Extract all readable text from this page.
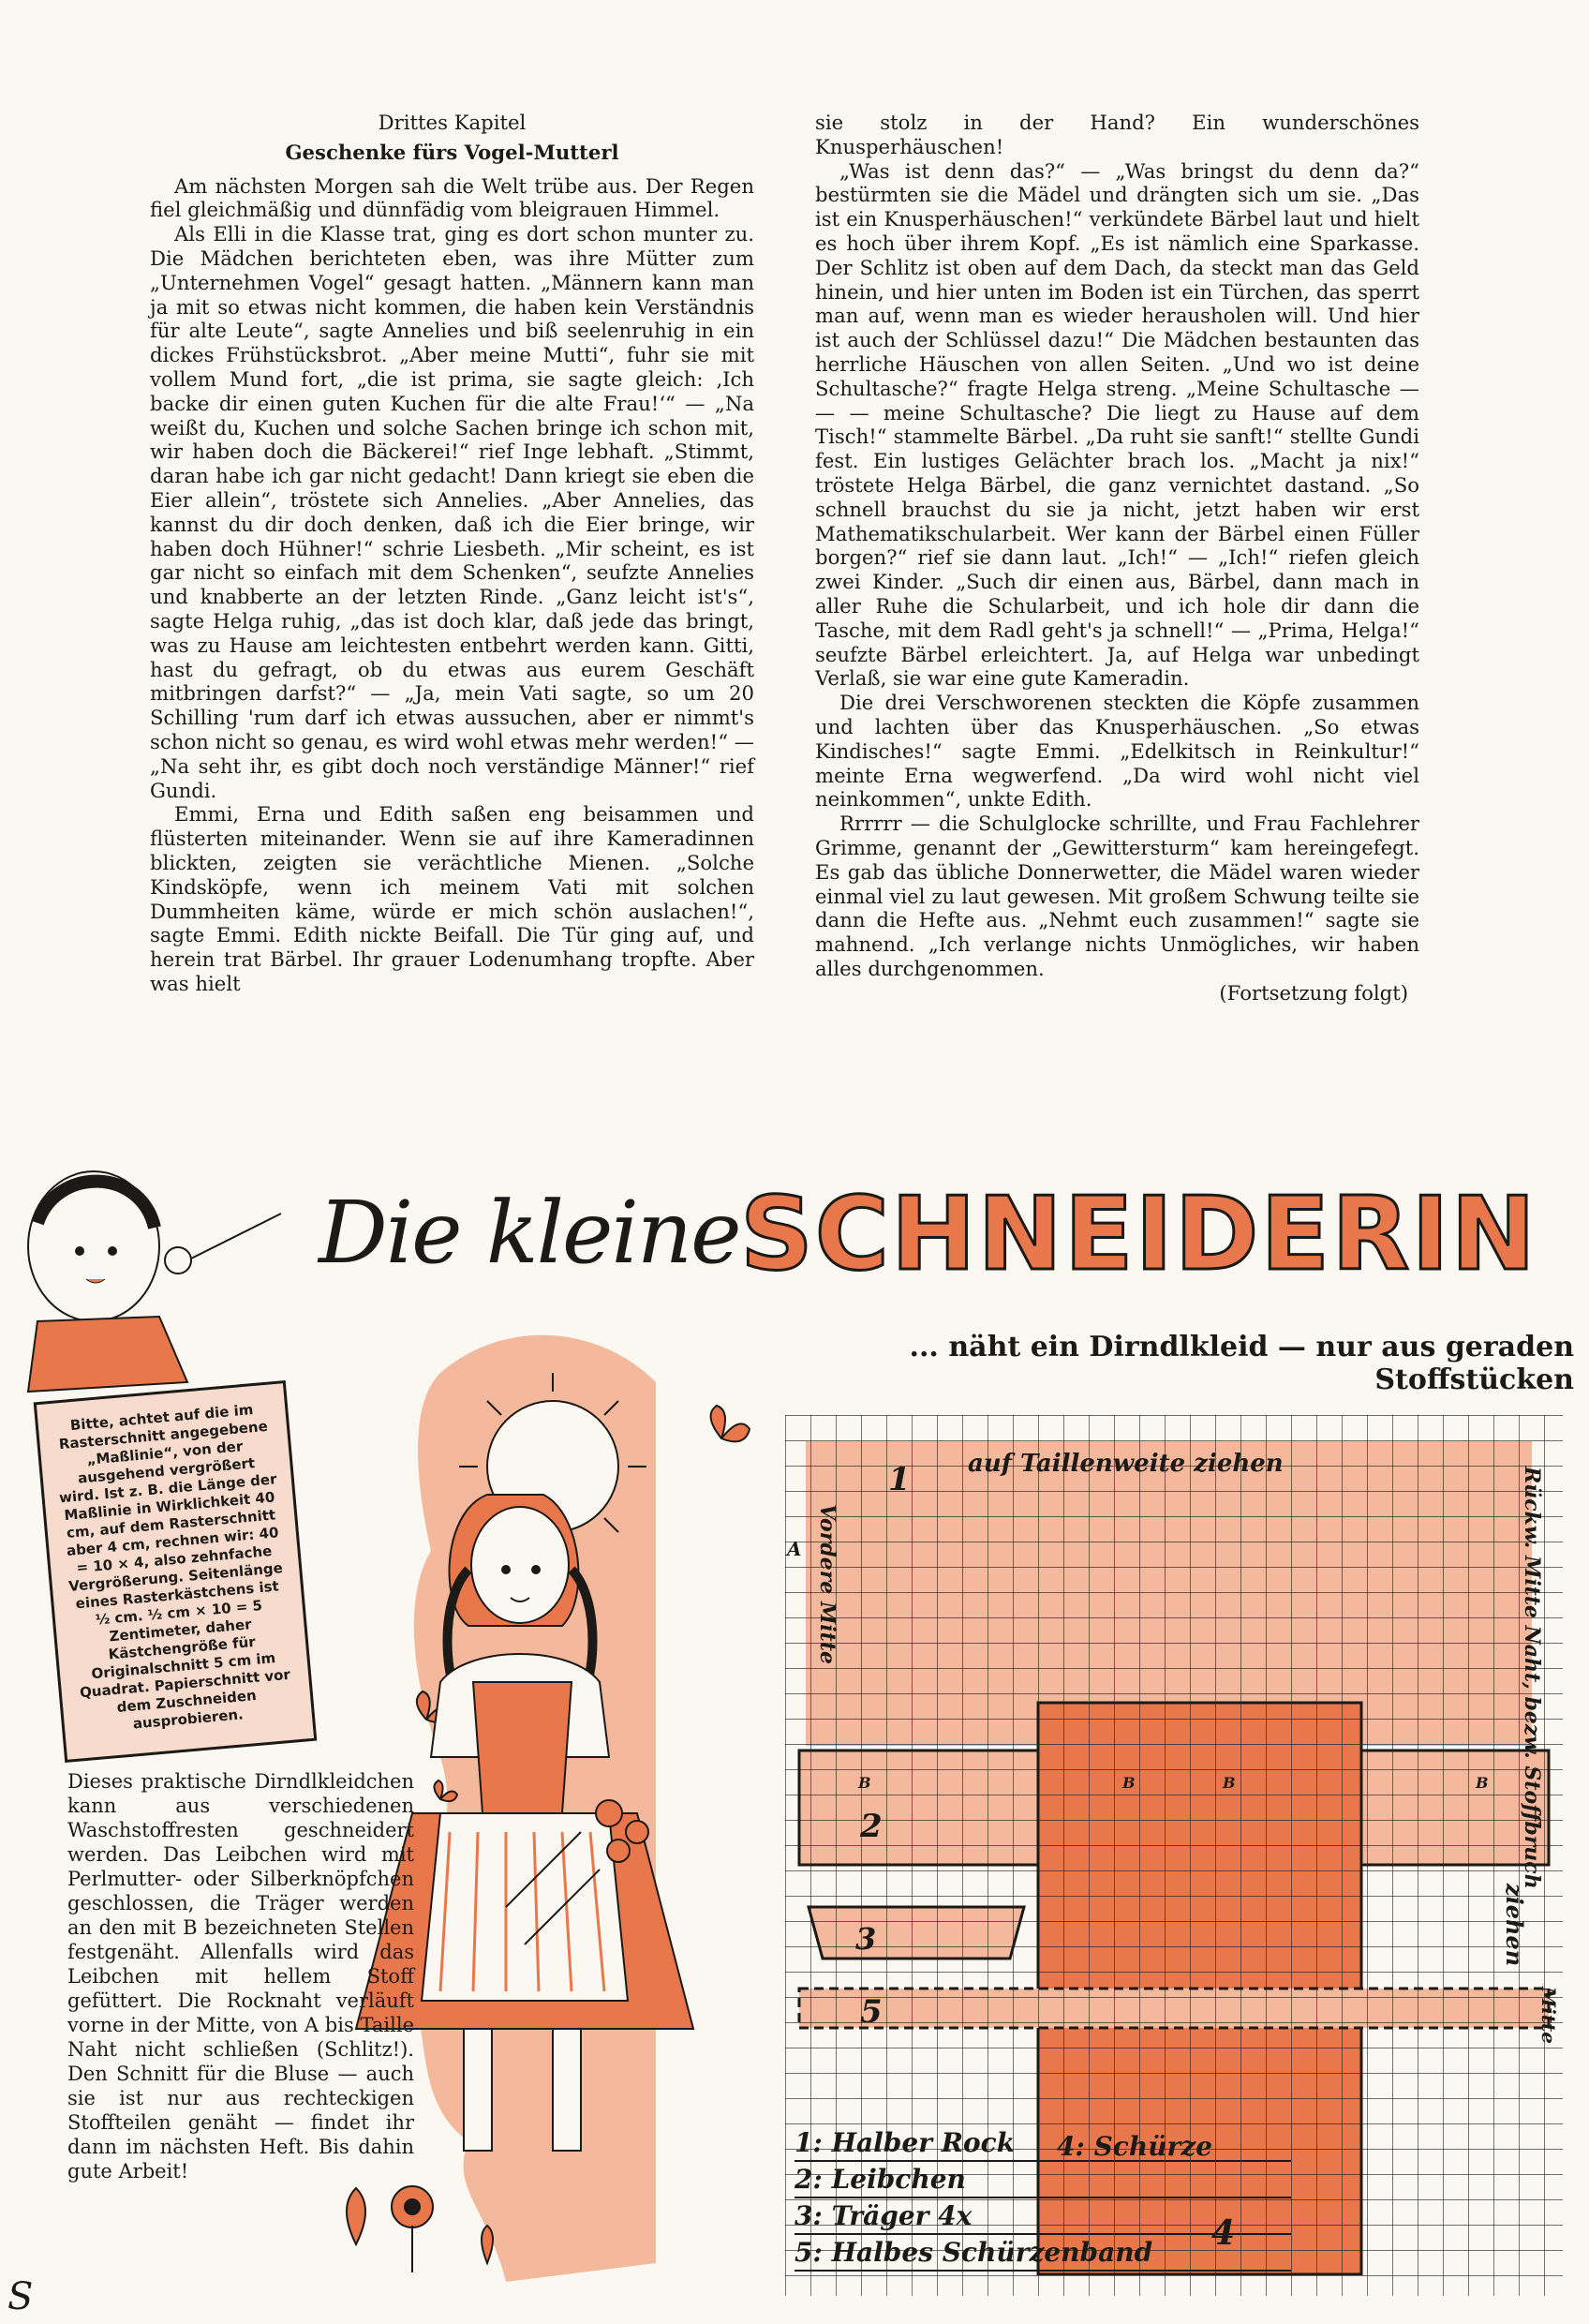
Drittes Kapitel

Geschenke fürs Vogel-Mutterl

Am nächsten Morgen sah die Welt trübe aus. Der Regen fiel gleichmäßig und dünnfädig vom bleigrauen Himmel.

Als Elli in die Klasse trat, ging es dort schon munter zu. Die Mädchen berichteten eben, was ihre Mütter zum „Unternehmen Vogel“ gesagt hatten. „Männern kann man ja mit so etwas nicht kommen, die haben kein Verständnis für alte Leute“, sagte Annelies und biß seelenruhig in ein dickes Frühstücksbrot. „Aber meine Mutti“, fuhr sie mit vollem Mund fort, „die ist prima, sie sagte gleich: ‚Ich backe dir einen guten Kuchen für die alte Frau!‘“ — „Na weißt du, Kuchen und solche Sachen bringe ich schon mit, wir haben doch die Bäckerei!“ rief Inge lebhaft. „Stimmt, daran habe ich gar nicht gedacht! Dann kriegt sie eben die Eier allein“, tröstete sich Annelies. „Aber Annelies, das kannst du dir doch denken, daß ich die Eier bringe, wir haben doch Hühner!“ schrie Liesbeth. „Mir scheint, es ist gar nicht so einfach mit dem Schenken“, seufzte Annelies und knabberte an der letzten Rinde. „Ganz leicht ist's“, sagte Helga ruhig, „das ist doch klar, daß jede das bringt, was zu Hause am leichtesten entbehrt werden kann. Gitti, hast du gefragt, ob du etwas aus eurem Geschäft mitbringen darfst?“ — „Ja, mein Vati sagte, so um 20 Schilling 'rum darf ich etwas aussuchen, aber er nimmt's schon nicht so genau, es wird wohl etwas mehr werden!“ — „Na seht ihr, es gibt doch noch verständige Männer!“ rief Gundi.

Emmi, Erna und Edith saßen eng beisammen und flüsterten miteinander. Wenn sie auf ihre Kameradinnen blickten, zeigten sie verächtliche Mienen. „Solche Kindsköpfe, wenn ich meinem Vati mit solchen Dummheiten käme, würde er mich schön auslachen!“, sagte Emmi. Edith nickte Beifall. Die Tür ging auf, und herein trat Bärbel. Ihr grauer Lodenumhang tropfte. Aber was hielt

sie stolz in der Hand? Ein wunderschönes Knusperhäuschen!

„Was ist denn das?“ — „Was bringst du denn da?“ bestürmten sie die Mädel und drängten sich um sie. „Das ist ein Knusperhäuschen!“ verkündete Bärbel laut und hielt es hoch über ihrem Kopf. „Es ist nämlich eine Sparkasse. Der Schlitz ist oben auf dem Dach, da steckt man das Geld hinein, und hier unten im Boden ist ein Türchen, das sperrt man auf, wenn man es wieder herausholen will. Und hier ist auch der Schlüssel dazu!“ Die Mädchen bestaunten das herrliche Häuschen von allen Seiten. „Und wo ist deine Schultasche?“ fragte Helga streng. „Meine Schultasche — — — meine Schultasche? Die liegt zu Hause auf dem Tisch!“ stammelte Bärbel. „Da ruht sie sanft!“ stellte Gundi fest. Ein lustiges Gelächter brach los. „Macht ja nix!“ tröstete Helga Bärbel, die ganz vernichtet dastand. „So schnell brauchst du sie ja nicht, jetzt haben wir erst Mathematikschularbeit. Wer kann der Bärbel einen Füller borgen?“ rief sie dann laut. „Ich!“ — „Ich!“ riefen gleich zwei Kinder. „Such dir einen aus, Bärbel, dann mach in aller Ruhe die Schularbeit, und ich hole dir dann die Tasche, mit dem Radl geht's ja schnell!“ — „Prima, Helga!“ seufzte Bärbel erleichtert. Ja, auf Helga war unbedingt Verlaß, sie war eine gute Kameradin.

Die drei Verschworenen steckten die Köpfe zusammen und lachten über das Knusperhäuschen. „So etwas Kindisches!“ sagte Emmi. „Edelkitsch in Reinkultur!“ meinte Erna wegwerfend. „Da wird wohl nicht viel neinkommen“, unkte Edith.

Rrrrrr — die Schulglocke schrillte, und Frau Fachlehrer Grimme, genannt der „Gewittersturm“ kam hereingefegt. Es gab das übliche Donnerwetter, die Mädel waren wieder einmal viel zu laut gewesen. Mit großem Schwung teilte sie dann die Hefte aus. „Nehmt euch zusammen!“ sagte sie mahnend. „Ich verlange nichts Unmögliches, wir haben alles durchgenommen.

(Fortsetzung folgt)

Die kleine SCHNEIDERIN
... näht ein Dirndlkleid — nur aus geraden Stoffstücken
Bitte, achtet auf die im Rasterschnitt angegebene „Maßlinie“, von der ausgehend vergrößert wird. Ist z. B. die Länge der Maßlinie in Wirklichkeit 40 cm, auf dem Rasterschnitt aber 4 cm, rechnen wir: 40 = 10 × 4, also zehnfache Vergrößerung. Seitenlänge eines Rasterkästchens ist ½ cm. ½ cm × 10 = 5 Zentimeter, daher Kästchengröße für Originalschnitt 5 cm im Quadrat. Papierschnitt vor dem Zuschneiden ausprobieren.
Dieses praktische Dirndlkleidchen kann aus verschiedenen Waschstoffresten geschneidert werden. Das Leibchen wird mit Perlmutter- oder Silberknöpfchen geschlossen, die Träger werden an den mit B bezeichneten Stellen festgenäht. Allenfalls wird das Leibchen mit hellem Stoff gefüttert. Die Rocknaht verläuft vorne in der Mitte, von A bis Taille Naht nicht schließen (Schlitz!). Den Schnitt für die Bluse — auch sie ist nur aus rechteckigen Stoffteilen genäht — findet ihr dann im nächsten Heft. Bis dahin gute Arbeit!
auf Taillenweite ziehen
Vordere Mitte	Rückw. Mitte Naht, bezw. Stoffbruch
ziehen
Mitte
A
B	B	B	B
1
2
3
4
5
4: Schürze
1: Halber Rock
2: Leibchen
3: Träger 4x
5: Halbes Schürzenband
S
